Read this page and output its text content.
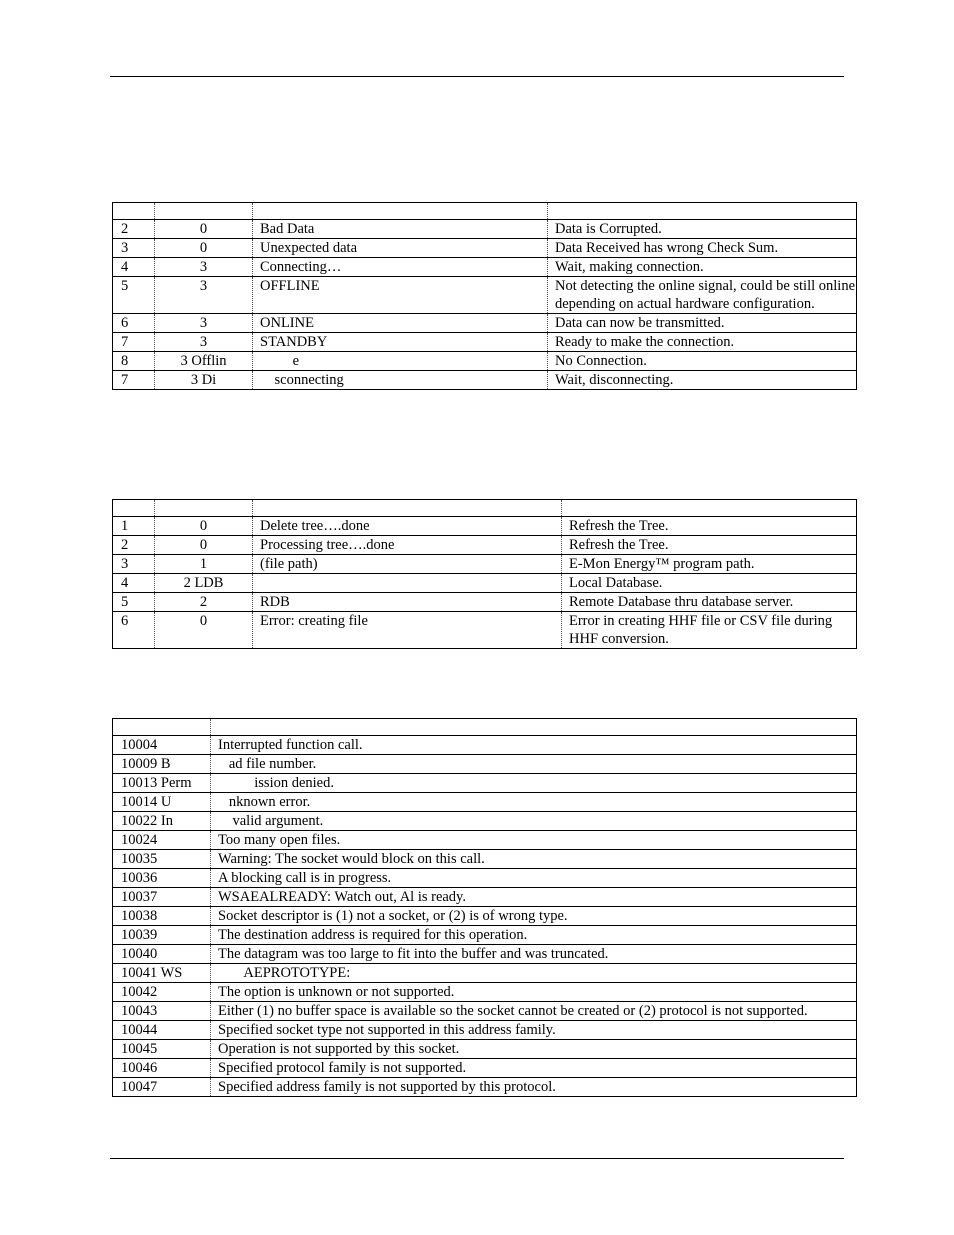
2	0	Bad Data	Data is Corrupted.
3	0	Unexpected data	Data Received has wrong Check Sum.
4	3	Connecting…	Wait, making connection.
5	3	OFFLINE	Not detecting the online signal, could be still online depending on actual hardware configuration.
6	3	ONLINE	Data can now be transmitted.
7	3	STANDBY	Ready to make the connection.
8	3 Offlin	e	No Connection.
7	3 Di	sconnecting	Wait, disconnecting.

1	0	Delete tree….done	Refresh the Tree.
2	0	Processing tree….done	Refresh the Tree.
3	1	(file path)	E-Mon Energy™ program path.
4	2 LDB		Local Database.
5	2	RDB	Remote Database thru database server.
6	0	Error: creating file	Error in creating HHF file or CSV file during HHF conversion.

10004	Interrupted function call.
10009 B	ad file number.
10013 Perm	ission denied.
10014 U	nknown error.
10022 In	valid argument.
10024	Too many open files.
10035	Warning: The socket would block on this call.
10036	A blocking call is in progress.
10037	WSAEALREADY: Watch out, Al is ready.
10038	Socket descriptor is (1) not a socket, or (2) is of wrong type.
10039	The destination address is required for this operation.
10040	The datagram was too large to fit into the buffer and was truncated.
10041 WS	AEPROTOTYPE:
10042	The option is unknown or not supported.
10043	Either (1) no buffer space is available so the socket cannot be created or (2) protocol is not supported.
10044	Specified socket type not supported in this address family.
10045	Operation is not supported by this socket.
10046	Specified protocol family is not supported.
10047	Specified address family is not supported by this protocol.
